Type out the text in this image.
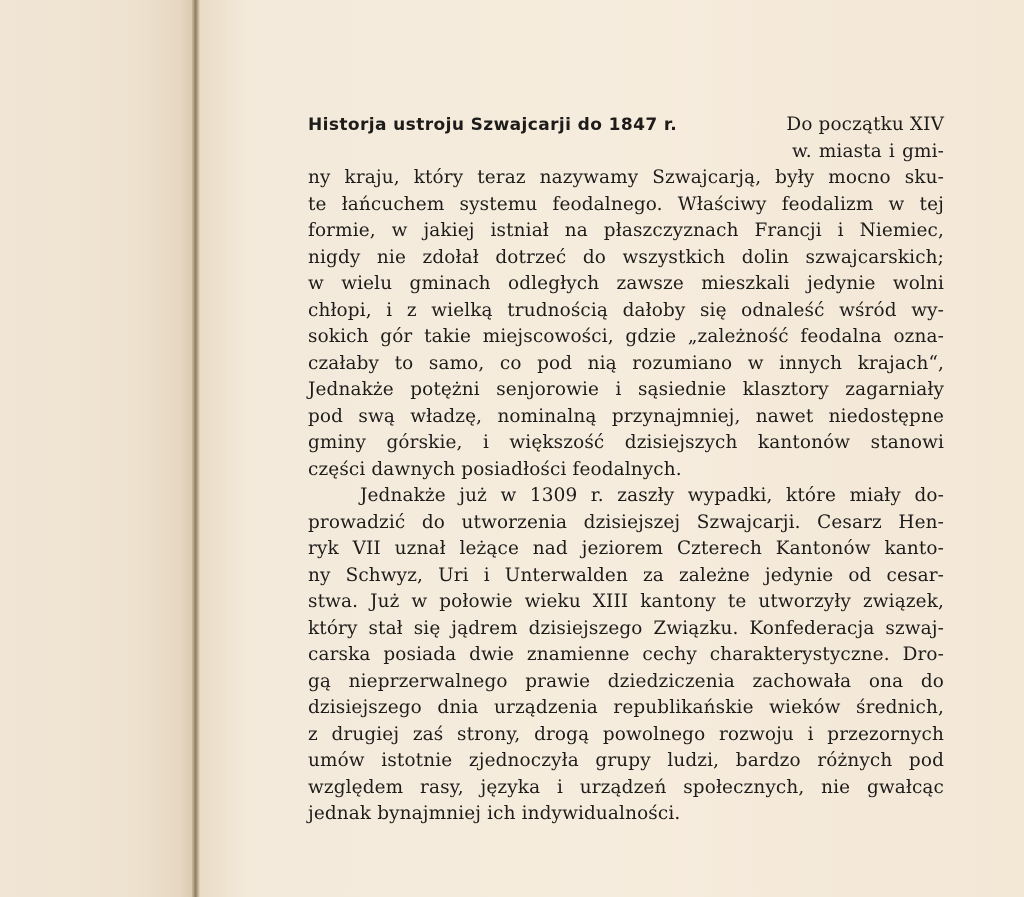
Historja ustroju Szwajcarji do 1847 r.	Do początku XIV
w. miasta i gmi-
ny kraju, który teraz nazywamy Szwajcarją, były mocno sku-
te łańcuchem systemu feodalnego. Właściwy feodalizm w tej
formie, w jakiej istniał na płaszczyznach Francji i Niemiec,
nigdy nie zdołał dotrzeć do wszystkich dolin szwajcarskich;
w wielu gminach odległych zawsze mieszkali jedynie wolni
chłopi, i z wielką trudnością dałoby się odnaleść wśród wy-
sokich gór takie miejscowości, gdzie „zależność feodalna ozna-
czałaby to samo, co pod nią rozumiano w innych krajach“,
Jednakże potężni senjorowie i sąsiednie klasztory zagarniały
pod swą władzę, nominalną przynajmniej, nawet niedostępne
gminy górskie, i większość dzisiejszych kantonów stanowi
części dawnych posiadłości feodalnych.
Jednakże już w 1309 r. zaszły wypadki, które miały do-
prowadzić do utworzenia dzisiejszej Szwajcarji. Cesarz Hen-
ryk VII uznał leżące nad jeziorem Czterech Kantonów kanto-
ny Schwyz, Uri i Unterwalden za zależne jedynie od cesar-
stwa. Już w połowie wieku XIII kantony te utworzyły związek,
który stał się jądrem dzisiejszego Związku. Konfederacja szwaj-
carska posiada dwie znamienne cechy charakterystyczne. Dro-
gą nieprzerwalnego prawie dziedziczenia zachowała ona do
dzisiejszego dnia urządzenia republikańskie wieków średnich,
z drugiej zaś strony, drogą powolnego rozwoju i przezornych
umów istotnie zjednoczyła grupy ludzi, bardzo różnych pod
względem rasy, języka i urządzeń społecznych, nie gwałcąc
jednak bynajmniej ich indywidualności.
